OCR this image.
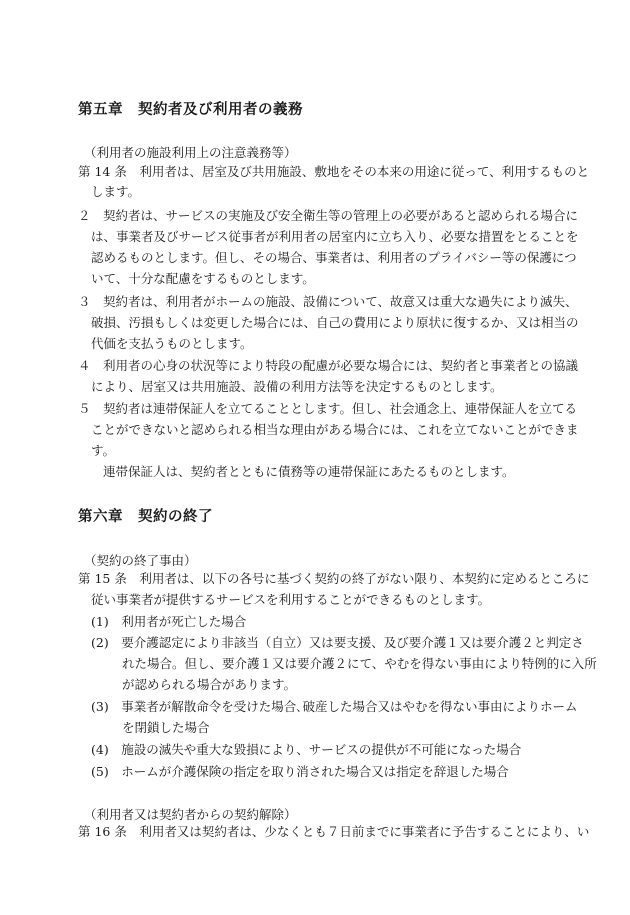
第五章　契約者及び利用者の義務
（利用者の施設利用上の注意義務等）
第 14 条　利用者は、居室及び共用施設、敷地をその本来の用途に従って、利用するものと
します。
２　契約者は、サービスの実施及び安全衛生等の管理上の必要があると認められる場合に
は、事業者及びサービス従事者が利用者の居室内に立ち入り、必要な措置をとることを
認めるものとします。但し、その場合、事業者は、利用者のプライバシー等の保護につ
いて、十分な配慮をするものとします。
３　契約者は、利用者がホームの施設、設備について、故意又は重大な過失により滅失、
破損、汚損もしくは変更した場合には、自己の費用により原状に復するか、又は相当の
代価を支払うものとします。
４　利用者の心身の状況等により特段の配慮が必要な場合には、契約者と事業者との協議
により、居室又は共用施設、設備の利用方法等を決定するものとします。
５　契約者は連帯保証人を立てることとします。但し、社会通念上、連帯保証人を立てる
ことができないと認められる相当な理由がある場合には、これを立てないことができま
す。
連帯保証人は、契約者とともに債務等の連帯保証にあたるものとします。
第六章　契約の終了
（契約の終了事由）
第 15 条　利用者は、以下の各号に基づく契約の終了がない限り、本契約に定めるところに
従い事業者が提供するサービスを利用することができるものとします。
(1)　利用者が死亡した場合
(2)　要介護認定により非該当（自立）又は要支援、及び要介護１又は要介護２と判定さ
れた場合。但し、要介護１又は要介護２にて、やむを得ない事由により特例的に入所
が認められる場合があります。
(3)　事業者が解散命令を受けた場合､破産した場合又はやむを得ない事由によりホーム
を閉鎖した場合
(4)　施設の滅失や重大な毀損により、サービスの提供が不可能になった場合
(5)　ホームが介護保険の指定を取り消された場合又は指定を辞退した場合
（利用者又は契約者からの契約解除）
第 16 条　利用者又は契約者は、少なくとも７日前までに事業者に予告することにより、い
